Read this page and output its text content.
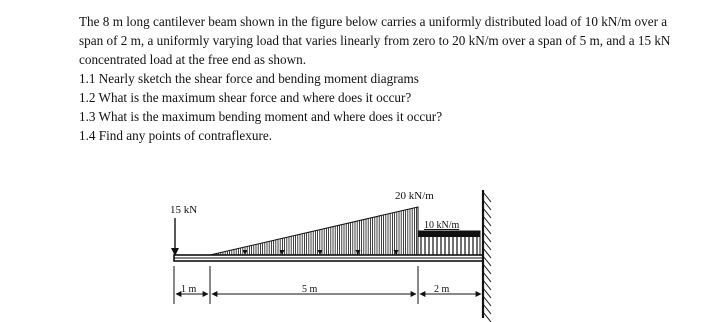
The 8 m long cantilever beam shown in the figure below carries a uniformly distributed load of 10 kN/m over a span of 2 m, a uniformly varying load that varies linearly from zero to 20 kN/m over a span of 5 m, and a 15 kN concentrated load at the free end as shown.

1.1 Nearly sketch the shear force and bending moment diagrams

1.2 What is the maximum shear force and where does it occur?

1.3 What is the maximum bending moment and where does it occur?

1.4 Find any points of contraflexure.

15 kN
20 kN/m
10 kN/m
1 m	5 m	2 m
